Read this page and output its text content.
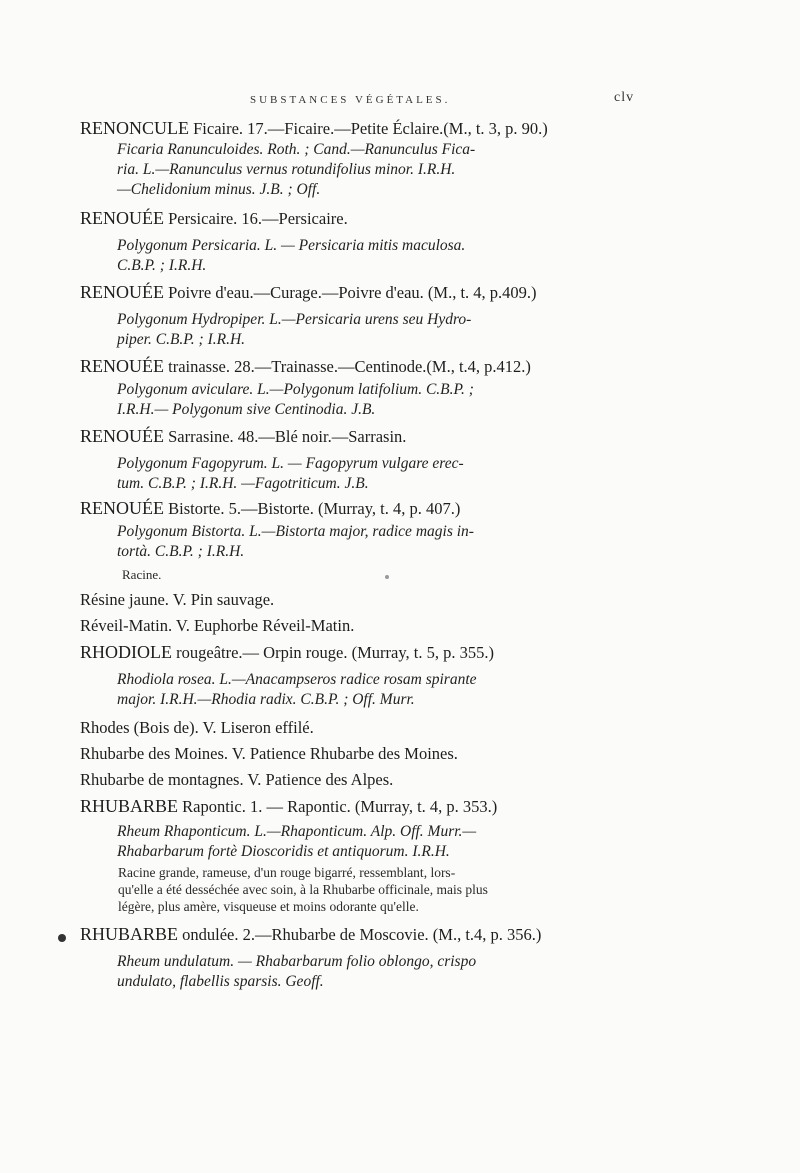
SUBSTANCES VÉGÉTALES.	clv
RENONCULE Ficaire. 17.—Ficaire.—Petite Éclaire.(M., t. 3, p. 90.)
Ficaria Ranunculoides. Roth. ; Cand.—Ranunculus Fica-
ria. L.—Ranunculus vernus rotundifolius minor. I.R.H.
—Chelidonium minus. J.B. ; Off.
RENOUÉE Persicaire. 16.—Persicaire.
Polygonum Persicaria. L. — Persicaria mitis maculosa.
C.B.P. ; I.R.H.
RENOUÉE Poivre d'eau.—Curage.—Poivre d'eau. (M., t. 4, p.409.)
Polygonum Hydropiper. L.—Persicaria urens seu Hydro-
piper. C.B.P. ; I.R.H.
RENOUÉE trainasse. 28.—Trainasse.—Centinode.(M., t.4, p.412.)
Polygonum aviculare. L.—Polygonum latifolium. C.B.P. ;
I.R.H.— Polygonum sive Centinodia. J.B.
RENOUÉE Sarrasine. 48.—Blé noir.—Sarrasin.
Polygonum Fagopyrum. L. — Fagopyrum vulgare erec-
tum. C.B.P. ; I.R.H. —Fagotriticum. J.B.
RENOUÉE Bistorte. 5.—Bistorte. (Murray, t. 4, p. 407.)
Polygonum Bistorta. L.—Bistorta major, radice magis in-
tortà. C.B.P. ; I.R.H.
Racine.
Résine jaune. V. Pin sauvage.
Réveil-Matin. V. Euphorbe Réveil-Matin.
RHODIOLE rougeâtre.— Orpin rouge. (Murray, t. 5, p. 355.)
Rhodiola rosea. L.—Anacampseros radice rosam spirante
major. I.R.H.—Rhodia radix. C.B.P. ; Off. Murr.
Rhodes (Bois de). V. Liseron effilé.
Rhubarbe des Moines. V. Patience Rhubarbe des Moines.
Rhubarbe de montagnes. V. Patience des Alpes.
RHUBARBE Rapontic. 1. — Rapontic. (Murray, t. 4, p. 353.)
Rheum Rhaponticum. L.—Rhaponticum. Alp. Off. Murr.—
Rhabarbarum fortè Dioscoridis et antiquorum. I.R.H.
Racine grande, rameuse, d'un rouge bigarré, ressemblant, lors-
qu'elle a été desséchée avec soin, à la Rhubarbe officinale, mais plus
légère, plus amère, visqueuse et moins odorante qu'elle.
RHUBARBE ondulée. 2.—Rhubarbe de Moscovie. (M., t.4, p. 356.)
Rheum undulatum. — Rhabarbarum folio oblongo, crispo
undulato, flabellis sparsis. Geoff.
